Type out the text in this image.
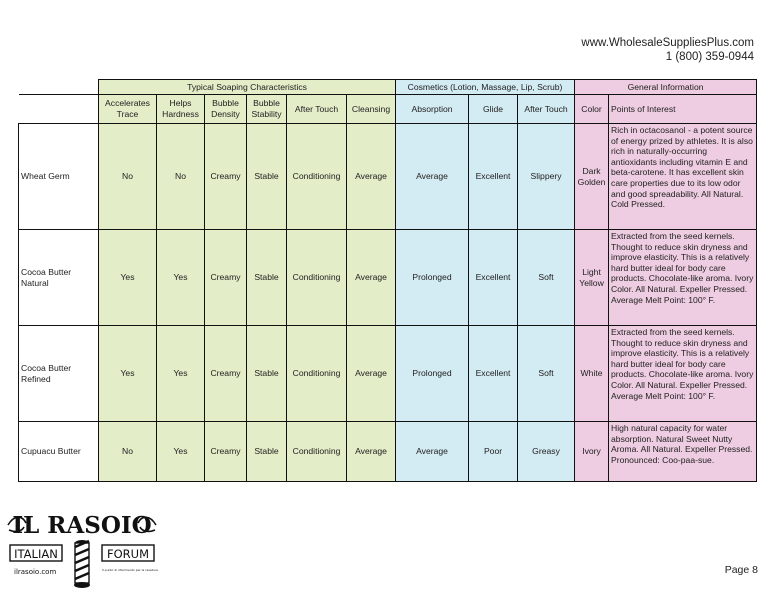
www.WholesaleSuppliesPlus.com
1 (800) 359-0944
	Typical Soaping Characteristics						Cosmetics (Lotion, Massage, Lip, Scrub)			General Information	
	Accelerates Trace	Helps Hardness	Bubble Density	Bubble Stability	After Touch	Cleansing	Absorption	Glide	After Touch	Color	Points of Interest
Wheat Germ	No	No	Creamy	Stable	Conditioning	Average	Average	Excellent	Slippery	Dark Golden	Rich in octacosanol - a potent source of energy prized by athletes. It is also rich in naturally-occurring antioxidants including vitamin E and beta-carotene. It has excellent skin care properties due to its low odor and good spreadability. All Natural. Cold Pressed.
Cocoa Butter Natural	Yes	Yes	Creamy	Stable	Conditioning	Average	Prolonged	Excellent	Soft	Light Yellow	Extracted from the seed kernels. Thought to reduce skin dryness and improve elasticity. This is a relatively hard butter ideal for body care products. Chocolate-like aroma. Ivory Color. All Natural. Expeller Pressed. Average Melt Point: 100° F.
Cocoa Butter Refined	Yes	Yes	Creamy	Stable	Conditioning	Average	Prolonged	Excellent	Soft	White	Extracted from the seed kernels. Thought to reduce skin dryness and improve elasticity. This is a relatively hard butter ideal for body care products. Chocolate-like aroma. Ivory Color. All Natural. Expeller Pressed. Average Melt Point: 100° F.
Cupuacu Butter	No	Yes	Creamy	Stable	Conditioning	Average	Average	Poor	Greasy	Ivory	High natural capacity for water absorption. Natural Sweet Nutty Aroma. All Natural. Expeller Pressed. Pronounced: Coo-paa-sue.
IL RASOIO
ITALIAN	FORUM
ilrasoio.com	Il punto di riferimento per la rasatura	Page 8
